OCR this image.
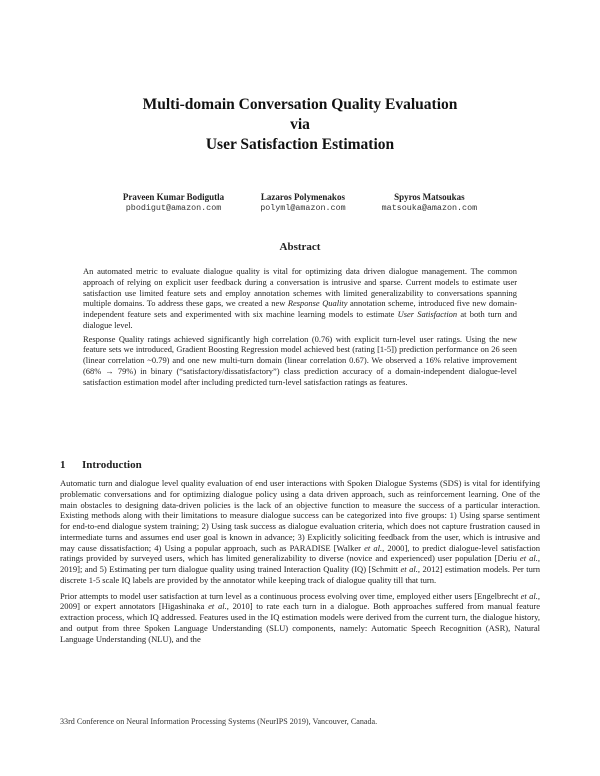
Multi-domain Conversation Quality Evaluation
via
User Satisfaction Estimation
Praveen Kumar Bodigutla
pbodigut@amazon.com
Lazaros Polymenakos
polyml@amazon.com
Spyros Matsoukas
matsouka@amazon.com
Abstract

An automated metric to evaluate dialogue quality is vital for optimizing data driven dialogue management. The common approach of relying on explicit user feedback during a conversation is intrusive and sparse. Current models to estimate user satisfaction use limited feature sets and employ annotation schemes with limited generalizability to conversations spanning multiple domains. To address these gaps, we created a new Response Quality annotation scheme, introduced five new domain-independent feature sets and experimented with six machine learning models to estimate User Satisfaction at both turn and dialogue level.

Response Quality ratings achieved significantly high correlation (0.76) with explicit turn-level user ratings. Using the new feature sets we introduced, Gradient Boosting Regression model achieved best (rating [1-5]) prediction performance on 26 seen (linear correlation ~0.79) and one new multi-turn domain (linear correlation 0.67). We observed a 16% relative improvement (68% → 79%) in binary (“satisfactory/dissatisfactory”) class prediction accuracy of a domain-independent dialogue-level satisfaction estimation model after including predicted turn-level satisfaction ratings as features.

1 Introduction

Automatic turn and dialogue level quality evaluation of end user interactions with Spoken Dialogue Systems (SDS) is vital for identifying problematic conversations and for optimizing dialogue policy using a data driven approach, such as reinforcement learning. One of the main obstacles to designing data-driven policies is the lack of an objective function to measure the success of a particular interaction. Existing methods along with their limitations to measure dialogue success can be categorized into five groups: 1) Using sparse sentiment for end-to-end dialogue system training; 2) Using task success as dialogue evaluation criteria, which does not capture frustration caused in intermediate turns and assumes end user goal is known in advance; 3) Explicitly soliciting feedback from the user, which is intrusive and may cause dissatisfaction; 4) Using a popular approach, such as PARADISE [Walker et al., 2000], to predict dialogue-level satisfaction ratings provided by surveyed users, which has limited generalizability to diverse (novice and experienced) user population [Deriu et al., 2019]; and 5) Estimating per turn dialogue quality using trained Interaction Quality (IQ) [Schmitt et al., 2012] estimation models. Per turn discrete 1-5 scale IQ labels are provided by the annotator while keeping track of dialogue quality till that turn.

Prior attempts to model user satisfaction at turn level as a continuous process evolving over time, employed either users [Engelbrecht et al., 2009] or expert annotators [Higashinaka et al., 2010] to rate each turn in a dialogue. Both approaches suffered from manual feature extraction process, which IQ addressed. Features used in the IQ estimation models were derived from the current turn, the dialogue history, and output from three Spoken Language Understanding (SLU) components, namely: Automatic Speech Recognition (ASR), Natural Language Understanding (NLU), and the

33rd Conference on Neural Information Processing Systems (NeurIPS 2019), Vancouver, Canada.
